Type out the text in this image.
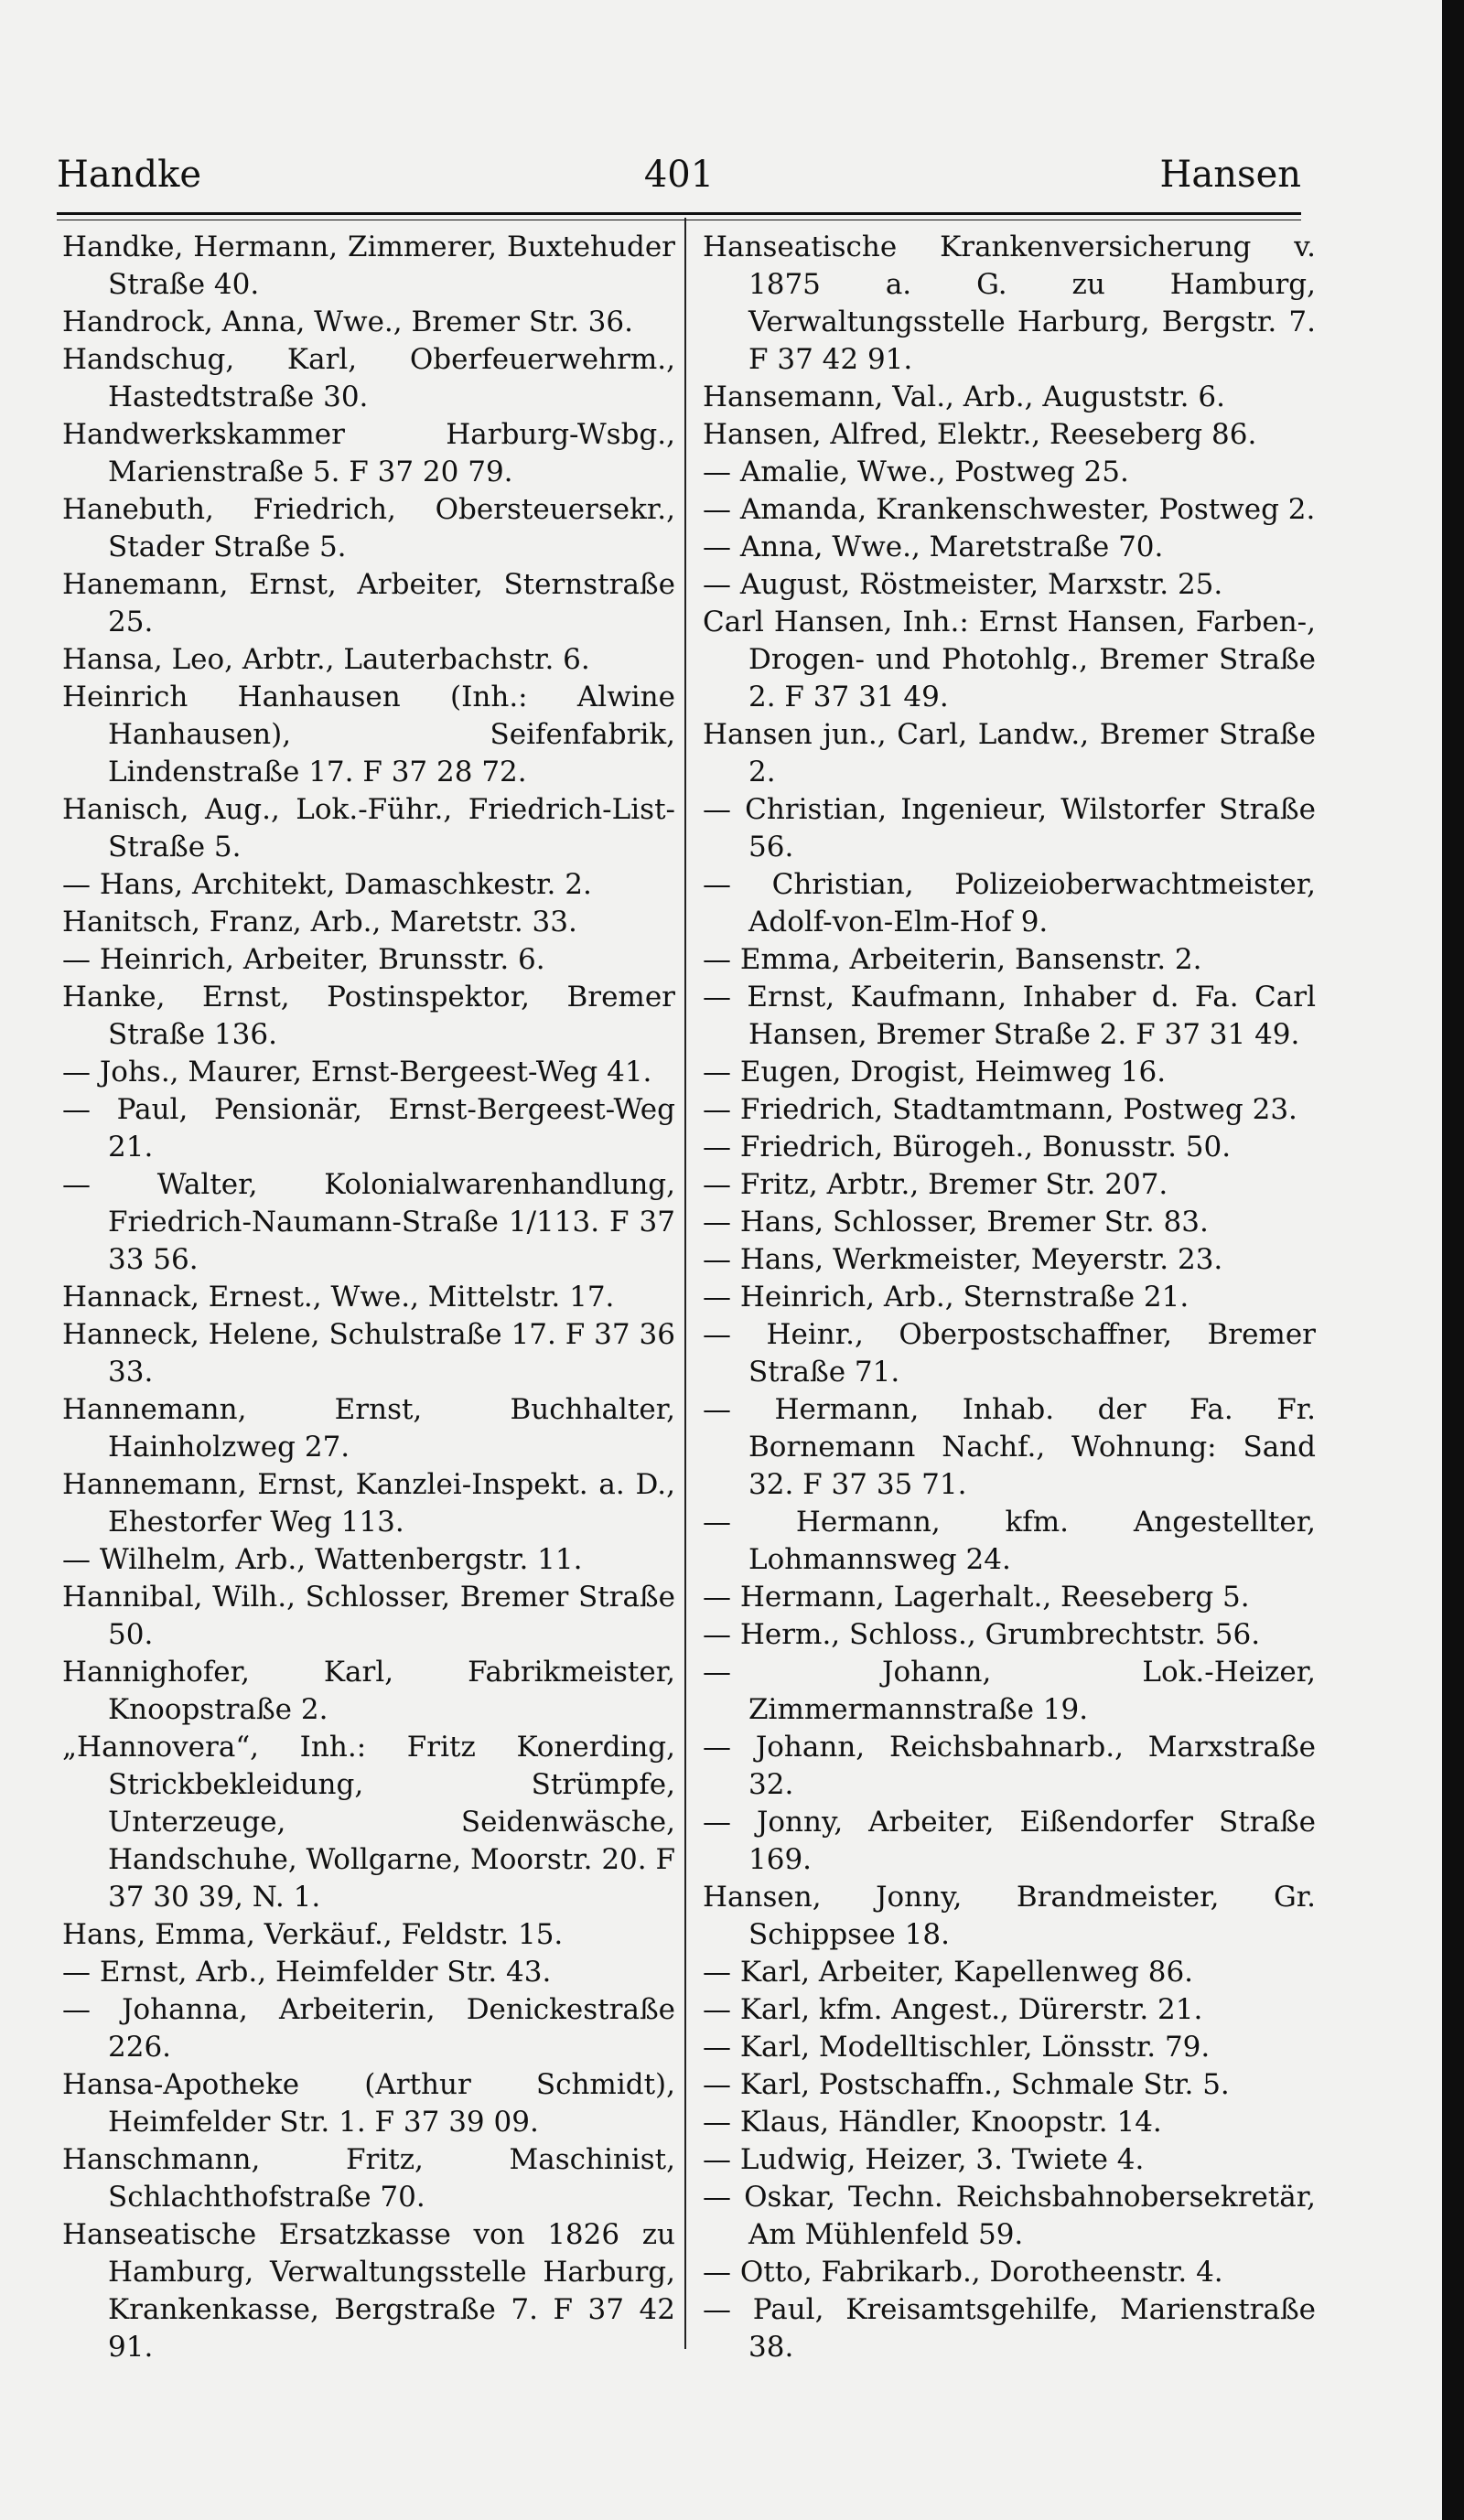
Handke	401	Hansen
Handke, Hermann, Zimmerer, Buxtehuder Straße 40.
Handrock, Anna, Wwe., Bremer Str. 36.
Handschug, Karl, Oberfeuerwehrm., Hastedtstraße 30.
Handwerkskammer Harburg-Wsbg., Marienstraße 5. F 37 20 79.
Hanebuth, Friedrich, Obersteuersekr., Stader Straße 5.
Hanemann, Ernst, Arbeiter, Sternstraße 25.
Hansa, Leo, Arbtr., Lauterbachstr. 6.
Heinrich Hanhausen (Inh.: Alwine Hanhausen), Seifenfabrik, Lindenstraße 17. F 37 28 72.
Hanisch, Aug., Lok.-Führ., Friedrich-List-Straße 5.
— Hans, Architekt, Damaschkestr. 2.
Hanitsch, Franz, Arb., Maretstr. 33.
— Heinrich, Arbeiter, Brunsstr. 6.
Hanke, Ernst, Postinspektor, Bremer Straße 136.
— Johs., Maurer, Ernst-Bergeest-Weg 41.
— Paul, Pensionär, Ernst-Bergeest-Weg 21.
— Walter, Kolonialwarenhandlung, Friedrich-Naumann-Straße 1/113. F 37 33 56.
Hannack, Ernest., Wwe., Mittelstr. 17.
Hanneck, Helene, Schulstraße 17. F 37 36 33.
Hannemann, Ernst, Buchhalter, Hainholzweg 27.
Hannemann, Ernst, Kanzlei-Inspekt. a. D., Ehestorfer Weg 113.
— Wilhelm, Arb., Wattenbergstr. 11.
Hannibal, Wilh., Schlosser, Bremer Straße 50.
Hannighofer, Karl, Fabrikmeister, Knoopstraße 2.
„Hannovera“, Inh.: Fritz Konerding, Strickbekleidung, Strümpfe, Unterzeuge, Seidenwäsche, Handschuhe, Wollgarne, Moorstr. 20. F 37 30 39, N. 1.
Hans, Emma, Verkäuf., Feldstr. 15.
— Ernst, Arb., Heimfelder Str. 43.
— Johanna, Arbeiterin, Denickestraße 226.
Hansa-Apotheke (Arthur Schmidt), Heimfelder Str. 1. F 37 39 09.
Hanschmann, Fritz, Maschinist, Schlachthofstraße 70.
Hanseatische Ersatzkasse von 1826 zu Hamburg, Verwaltungsstelle Harburg, Krankenkasse, Bergstraße 7. F 37 42 91.
Hanseatische Krankenversicherung v. 1875 a. G. zu Hamburg, Verwaltungsstelle Harburg, Bergstr. 7. F 37 42 91.
Hansemann, Val., Arb., Auguststr. 6.
Hansen, Alfred, Elektr., Reeseberg 86.
— Amalie, Wwe., Postweg 25.
— Amanda, Krankenschwester, Postweg 2.
— Anna, Wwe., Maretstraße 70.
— August, Röstmeister, Marxstr. 25.
Carl Hansen, Inh.: Ernst Hansen, Farben-, Drogen- und Photohlg., Bremer Straße 2. F 37 31 49.
Hansen jun., Carl, Landw., Bremer Straße 2.
— Christian, Ingenieur, Wilstorfer Straße 56.
— Christian, Polizeioberwachtmeister, Adolf-von-Elm-Hof 9.
— Emma, Arbeiterin, Bansenstr. 2.
— Ernst, Kaufmann, Inhaber d. Fa. Carl Hansen, Bremer Straße 2. F 37 31 49.
— Eugen, Drogist, Heimweg 16.
— Friedrich, Stadtamtmann, Postweg 23.
— Friedrich, Bürogeh., Bonusstr. 50.
— Fritz, Arbtr., Bremer Str. 207.
— Hans, Schlosser, Bremer Str. 83.
— Hans, Werkmeister, Meyerstr. 23.
— Heinrich, Arb., Sternstraße 21.
— Heinr., Oberpostschaffner, Bremer Straße 71.
— Hermann, Inhab. der Fa. Fr. Bornemann Nachf., Wohnung: Sand 32. F 37 35 71.
— Hermann, kfm. Angestellter, Lohmannsweg 24.
— Hermann, Lagerhalt., Reeseberg 5.
— Herm., Schloss., Grumbrechtstr. 56.
— Johann, Lok.-Heizer, Zimmermannstraße 19.
— Johann, Reichsbahnarb., Marxstraße 32.
— Jonny, Arbeiter, Eißendorfer Straße 169.
Hansen, Jonny, Brandmeister, Gr. Schippsee 18.
— Karl, Arbeiter, Kapellenweg 86.
— Karl, kfm. Angest., Dürerstr. 21.
— Karl, Modelltischler, Lönsstr. 79.
— Karl, Postschaffn., Schmale Str. 5.
— Klaus, Händler, Knoopstr. 14.
— Ludwig, Heizer, 3. Twiete 4.
— Oskar, Techn. Reichsbahnobersekretär, Am Mühlenfeld 59.
— Otto, Fabrikarb., Dorotheenstr. 4.
— Paul, Kreisamtsgehilfe, Marienstraße 38.
